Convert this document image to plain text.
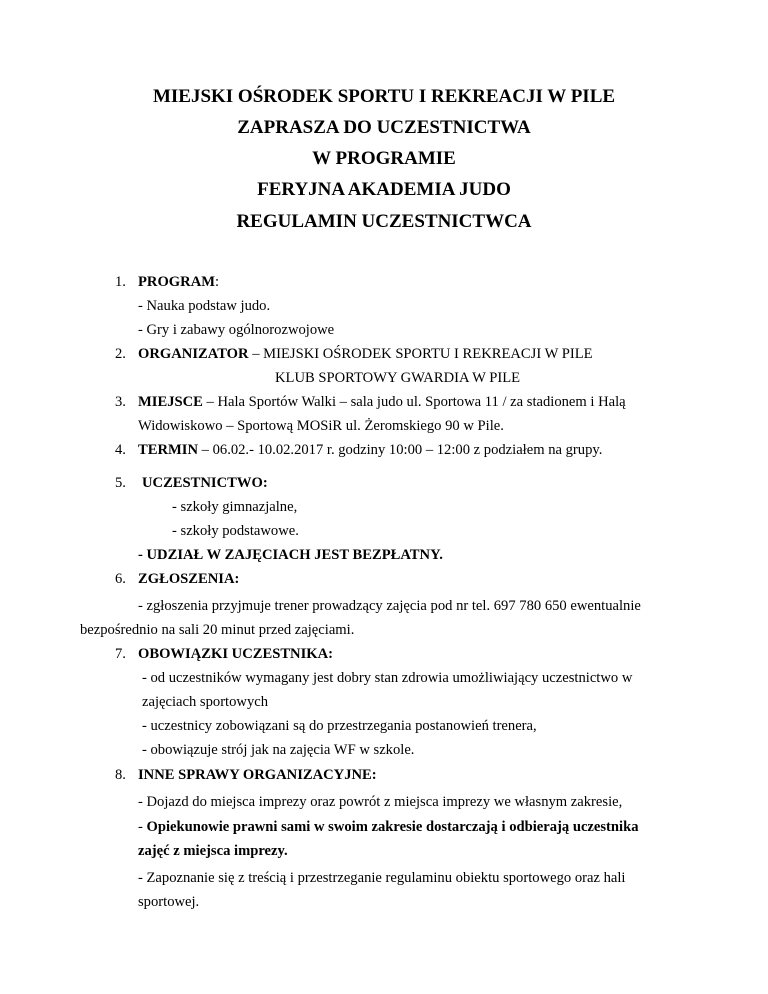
MIEJSKI OŚRODEK SPORTU I REKREACJI W PILE
ZAPRASZA DO UCZESTNICTWA
W PROGRAMIE
FERYJNA AKADEMIA JUDO
REGULAMIN UCZESTNICTWCA
1. PROGRAM:
- Nauka podstaw judo.
- Gry i zabawy ogólnorozwojowe
2. ORGANIZATOR – MIEJSKI OŚRODEK SPORTU I REKREACJI W PILE
KLUB SPORTOWY GWARDIA W PILE
3. MIEJSCE – Hala Sportów Walki – sala judo ul. Sportowa 11 / za stadionem i Halą
Widowiskowo – Sportową MOSiR ul. Żeromskiego 90 w Pile.
4. TERMIN – 06.02.- 10.02.2017 r. godziny 10:00 – 12:00 z podziałem na grupy.
5. UCZESTNICTWO:
- szkoły gimnazjalne,
- szkoły podstawowe.
- UDZIAŁ W ZAJĘCIACH JEST BEZPŁATNY.
6. ZGŁOSZENIA:
- zgłoszenia przyjmuje trener prowadzący zajęcia pod nr tel. 697 780 650 ewentualnie
bezpośrednio na sali 20 minut przed zajęciami.
7. OBOWIĄZKI UCZESTNIKA:
- od uczestników wymagany jest dobry stan zdrowia umożliwiający uczestnictwo w
zajęciach sportowych
- uczestnicy zobowiązani są do przestrzegania postanowień trenera,
- obowiązuje strój jak na zajęcia WF w szkole.
8. INNE SPRAWY ORGANIZACYJNE:
- Dojazd do miejsca imprezy oraz powrót z miejsca imprezy we własnym zakresie,
- Opiekunowie prawni sami w swoim zakresie dostarczają i odbierają uczestnika
zajęć z miejsca imprezy.
- Zapoznanie się z treścią i przestrzeganie regulaminu obiektu sportowego oraz hali
sportowej.
